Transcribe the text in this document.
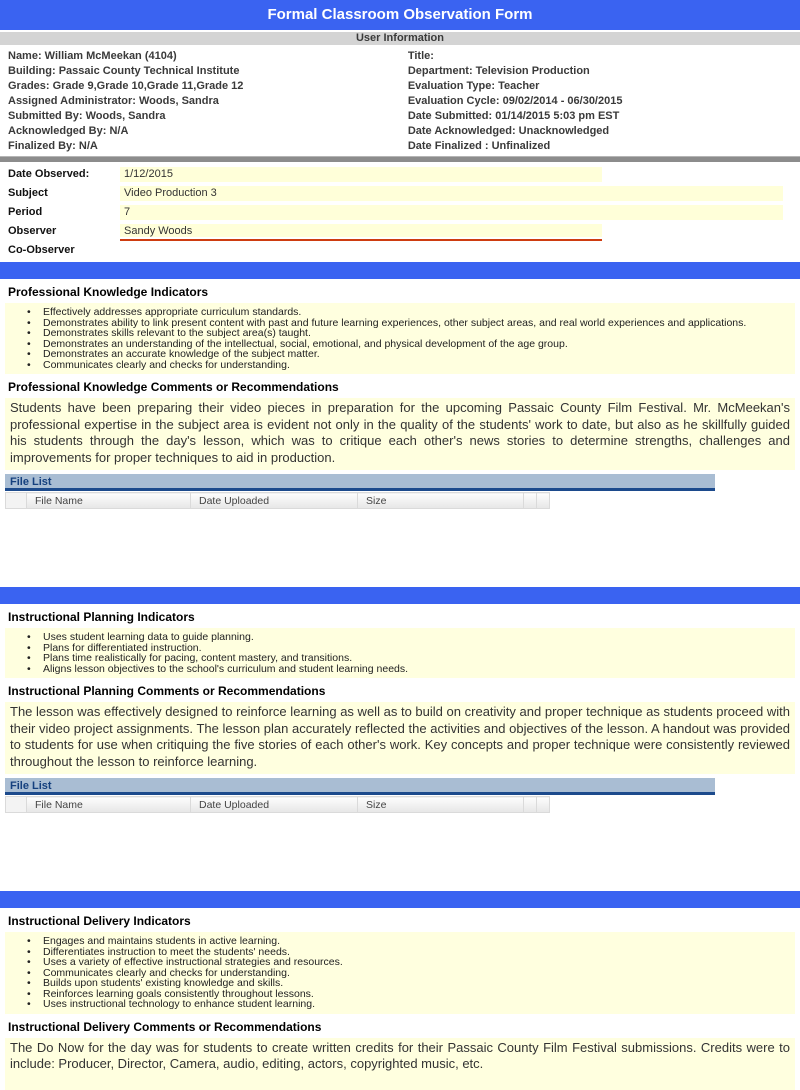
Formal Classroom Observation Form
User Information
Name: William McMeekan (4104)
Building: Passaic County Technical Institute
Grades: Grade 9,Grade 10,Grade 11,Grade 12
Assigned Administrator: Woods, Sandra
Submitted By: Woods, Sandra
Acknowledged By: N/A
Finalized By: N/A
Title:
Department: Television Production
Evaluation Type: Teacher
Evaluation Cycle: 09/02/2014 - 06/30/2015
Date Submitted: 01/14/2015 5:03 pm EST
Date Acknowledged: Unacknowledged
Date Finalized : Unfinalized
Date Observed:	1/12/2015
Subject	Video Production 3
Period	7
Observer	Sandy Woods
Co-Observer
Professional Knowledge Indicators
• Effectively addresses appropriate curriculum standards.
• Demonstrates ability to link present content with past and future learning experiences, other subject areas, and real world experiences and applications.
• Demonstrates skills relevant to the subject area(s) taught.
• Demonstrates an understanding of the intellectual, social, emotional, and physical development of the age group.
• Demonstrates an accurate knowledge of the subject matter.
• Communicates clearly and checks for understanding.
Professional Knowledge Comments or Recommendations
Students have been preparing their video pieces in preparation for the upcoming Passaic County Film Festival. Mr. McMeekan's professional expertise in the subject area is evident not only in the quality of the students' work to date, but also as he skillfully guided his students through the day's lesson, which was to critique each other's news stories to determine strengths, challenges and improvements for proper techniques to aid in production.
File List
	File Name	Date Uploaded	Size		
Instructional Planning Indicators
• Uses student learning data to guide planning.
• Plans for differentiated instruction.
• Plans time realistically for pacing, content mastery, and transitions.
• Aligns lesson objectives to the school's curriculum and student learning needs.
Instructional Planning Comments or Recommendations
The lesson was effectively designed to reinforce learning as well as to build on creativity and proper technique as students proceed with their video project assignments. The lesson plan accurately reflected the activities and objectives of the lesson. A handout was provided to students for use when critiquing the five stories of each other's work. Key concepts and proper technique were consistently reviewed throughout the lesson to reinforce learning.
File List
	File Name	Date Uploaded	Size		
Instructional Delivery Indicators
• Engages and maintains students in active learning.
• Differentiates instruction to meet the students' needs.
• Uses a variety of effective instructional strategies and resources.
• Communicates clearly and checks for understanding.
• Builds upon students' existing knowledge and skills.
• Reinforces learning goals consistently throughout lessons.
• Uses instructional technology to enhance student learning.
Instructional Delivery Comments or Recommendations
The Do Now for the day was for students to create written credits for their Passaic County Film Festival submissions. Credits were to include: Producer, Director, Camera, audio, editing, actors, copyrighted music, etc.
